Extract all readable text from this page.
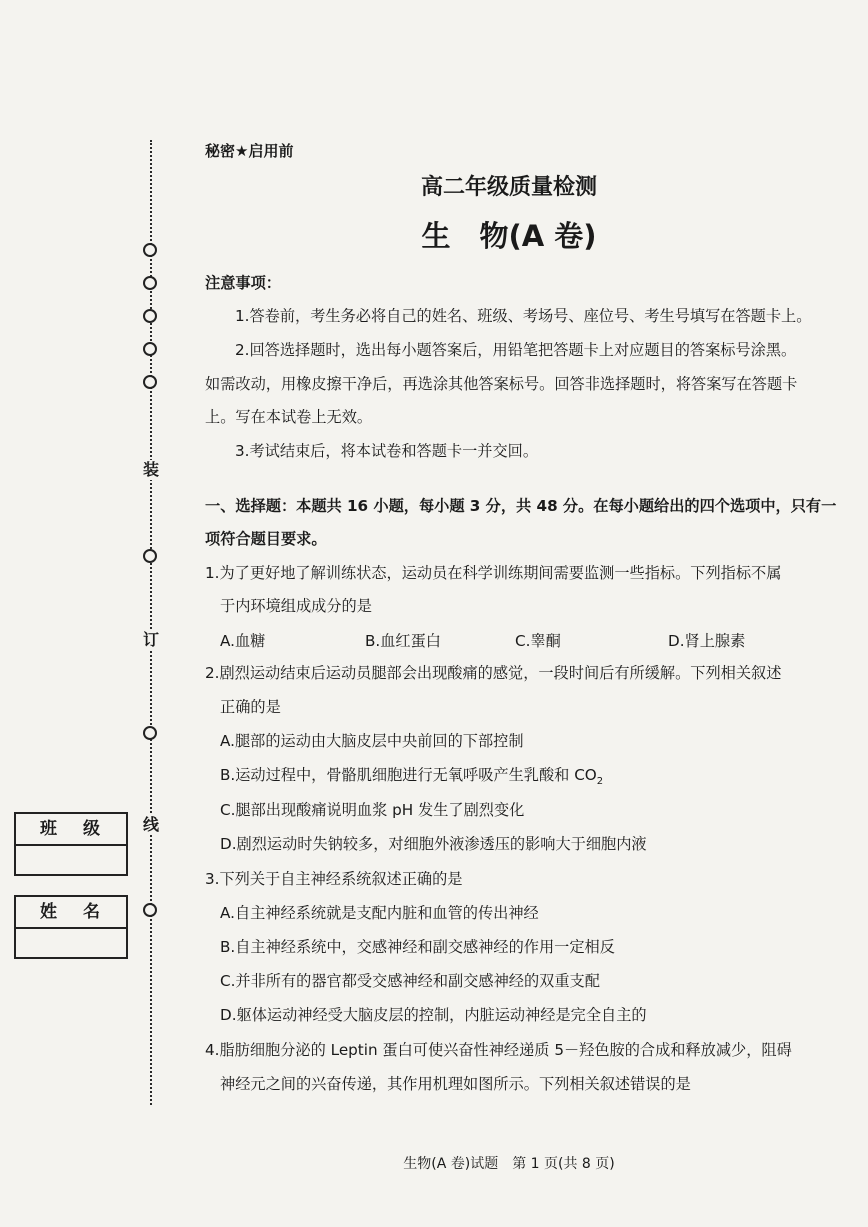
装
订
线
班级
姓名
秘密★启用前
高二年级质量检测
生　物(A 卷)
注意事项：
1.答卷前，考生务必将自己的姓名、班级、考场号、座位号、考生号填写在答题卡上。
2.回答选择题时，选出每小题答案后，用铅笔把答题卡上对应题目的答案标号涂黑。
如需改动，用橡皮擦干净后，再选涂其他答案标号。回答非选择题时，将答案写在答题卡
上。写在本试卷上无效。
3.考试结束后，将本试卷和答题卡一并交回。
一、选择题：本题共 16 小题，每小题 3 分，共 48 分。在每小题给出的四个选项中，只有一
项符合题目要求。
1.为了更好地了解训练状态，运动员在科学训练期间需要监测一些指标。下列指标不属
于内环境组成成分的是
A.血糖	B.血红蛋白	C.睾酮	D.肾上腺素
2.剧烈运动结束后运动员腿部会出现酸痛的感觉，一段时间后有所缓解。下列相关叙述
正确的是
A.腿部的运动由大脑皮层中央前回的下部控制
B.运动过程中，骨骼肌细胞进行无氧呼吸产生乳酸和 $CO_2$
C.腿部出现酸痛说明血浆 pH 发生了剧烈变化
D.剧烈运动时失钠较多，对细胞外液渗透压的影响大于细胞内液
3.下列关于自主神经系统叙述正确的是
A.自主神经系统就是支配内脏和血管的传出神经
B.自主神经系统中，交感神经和副交感神经的作用一定相反
C.并非所有的器官都受交感神经和副交感神经的双重支配
D.躯体运动神经受大脑皮层的控制，内脏运动神经是完全自主的
4.脂肪细胞分泌的 Leptin 蛋白可使兴奋性神经递质 5－羟色胺的合成和释放减少，阻碍
神经元之间的兴奋传递，其作用机理如图所示。下列相关叙述错误的是
生物(A 卷)试题　第 1 页(共 8 页)
